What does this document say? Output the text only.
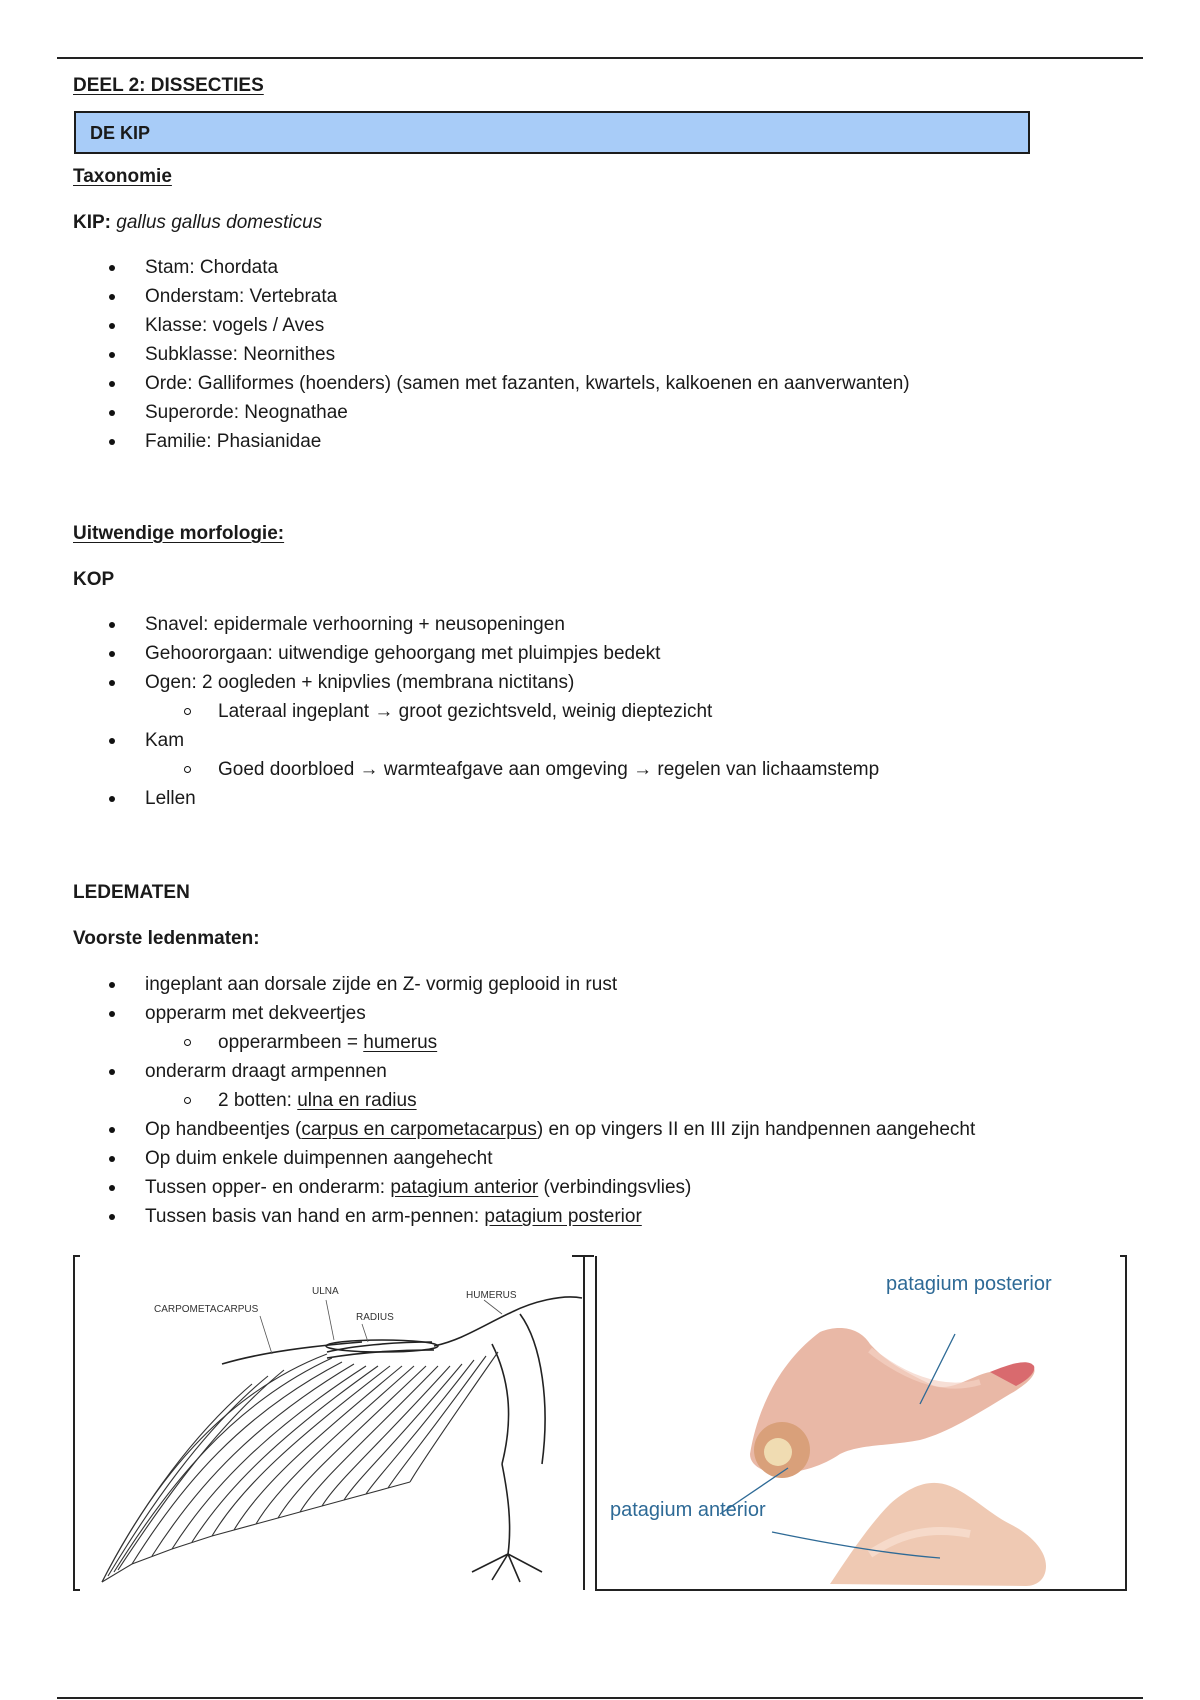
DEEL 2: DISSECTIES
DE KIP
Taxonomie
KIP: gallus gallus domesticus
Stam: Chordata
Onderstam: Vertebrata
Klasse: vogels / Aves
Subklasse: Neornithes
Orde: Galliformes (hoenders) (samen met fazanten, kwartels, kalkoenen en aanverwanten)
Superorde: Neognathae
Familie: Phasianidae
Uitwendige morfologie:
KOP
Snavel: epidermale verhoorning + neusopeningen
Gehoororgaan: uitwendige gehoorgang met pluimpjes bedekt
Ogen: 2 oogleden + knipvlies (membrana nictitans)
Lateraal ingeplant → groot gezichtsveld, weinig dieptezicht
Kam
Goed doorbloed → warmteafgave aan omgeving → regelen van lichaamstemp
Lellen
LEDEMATEN
Voorste ledenmaten:
ingeplant aan dorsale zijde en Z- vormig geplooid in rust
opperarm met dekveertjes
opperarmbeen = humerus
onderarm draagt armpennen
2 botten: ulna en radius
Op handbeentjes (carpus en carpometacarpus) en op vingers II en III zijn handpennen aangehecht
Op duim enkele duimpennen aangehecht
Tussen opper- en onderarm: patagium anterior (verbindingsvlies)
Tussen basis van hand en arm-pennen: patagium posterior
CARPOMETACARPUS
ULNA
RADIUS
HUMERUS
patagium posterior
patagium anterior
